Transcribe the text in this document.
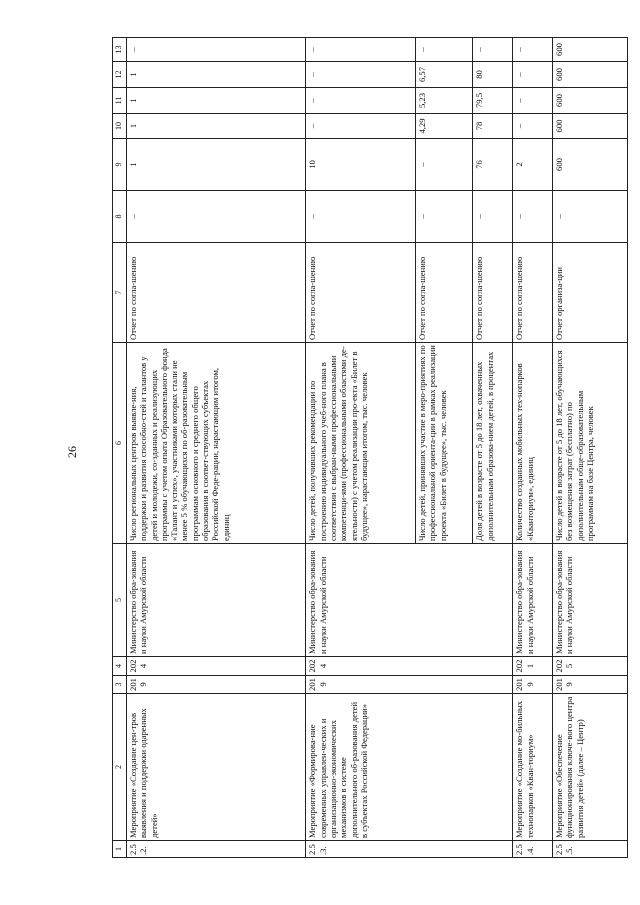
26
1	2	3	4	5	6	7	8	9	10	11	12	13
2.5.2.	Мероприятие «Создание цен-тров выявления и поддержки одаренных детей»	2019	2024	Министерство обра-зования и науки Амурской области	Число региональных центров выявле-ния, поддержки и развития способно-стей и талантов у детей и молодежи, со-зданных и реализующих программы с учетом опыта Образовательного фонда «Талант и успех», участниками которых стали не менее 5 % обучающихся по об-разовательным программам основного и среднего общего образования в соответ-ствующих субъектах Российской Феде-рации, нарастающим итогом, единиц	Отчет по согла-шению	–	1	1	1	1	–
2.5.3.	Мероприятие «Формирова-ние современных управлен-ческих и организационно-экономических механизмов в системе дополнительного об-разования детей в субъектах Российской Федерации»	2019	2024	Министерство обра-зования и науки Амурской области	Число детей, получивших рекомендации по построению индивидуального учеб-ного плана в соответствии с выбран-ными профессиональными компетенци-ями (профессиональными областями де-ятельности) с учетом реализации про-екта «Билет в будущее», нарастающим итогом, тыс. человек	Отчет по согла-шению	–	10	–	–	–	–
					Число детей, принявших участие в меро-приятиях по профессиональной ориента-ции в рамках реализации проекта «Билет в будущее», тыс. человек	Отчет по согла-шению	–	–	4,29	5,23	6,57	–
					Доля детей в возрасте от 5 до 18 лет, охваченных дополнительным образова-нием детей, в процентах	Отчет по согла-шению	–	76	78	79,5	80	–
2.5.4.	Мероприятие «Создание мо-бильных технопарков «Кван-ториум»	2019	2021	Министерство обра-зования и науки Амурской области	Количество созданных мобильных тех-нопарков «Кванториум», единиц	Отчет по согла-шению	–	2	–	–	–	–
2.5.5.	Мероприятие «Обеспечение функционирования ключе-вого центра развития детей» (далее – Центр)	2019	2025	Министерство обра-зования и науки Амурской области	Число детей в возрасте от 5 до 18 лет, обучающихся без возмещения затрат (бесплатно) по дополнительным обще-образовательным программам на базе Центра, человек	Отчет организа-ции	–	600	600	600	600	600
